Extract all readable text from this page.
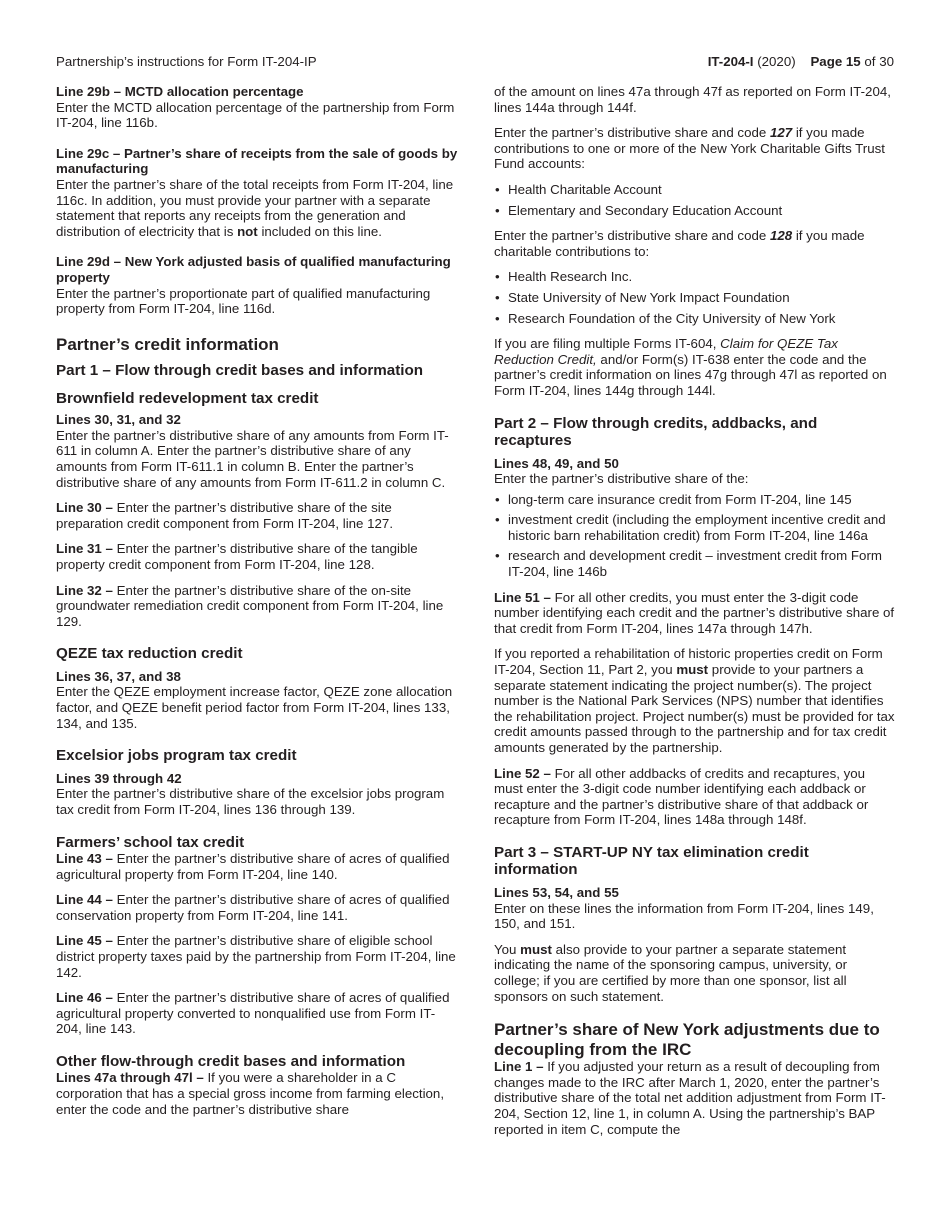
Partnership’s instructions for Form IT-204-IP	IT-204-I (2020) Page 15 of 30
Line 29b – MCTD allocation percentage

Enter the MCTD allocation percentage of the partnership from Form IT-204, line 116b.

Line 29c – Partner’s share of receipts from the sale of goods by manufacturing

Enter the partner’s share of the total receipts from Form IT-204, line 116c. In addition, you must provide your partner with a separate statement that reports any receipts from the generation and distribution of electricity that is not included on this line.

Line 29d – New York adjusted basis of qualified manufacturing property

Enter the partner’s proportionate part of qualified manufacturing property from Form IT-204, line 116d.

Partner’s credit information
Part 1 – Flow through credit bases and information
Brownfield redevelopment tax credit
Lines 30, 31, and 32

Enter the partner’s distributive share of any amounts from Form IT-611 in column A. Enter the partner’s distributive share of any amounts from Form IT-611.1 in column B. Enter the partner’s distributive share of any amounts from Form IT-611.2 in column C.

Line 30 – Enter the partner’s distributive share of the site preparation credit component from Form IT-204, line 127.

Line 31 – Enter the partner’s distributive share of the tangible property credit component from Form IT-204, line 128.

Line 32 – Enter the partner’s distributive share of the on-site groundwater remediation credit component from Form IT-204, line 129.

QEZE tax reduction credit
Lines 36, 37, and 38

Enter the QEZE employment increase factor, QEZE zone allocation factor, and QEZE benefit period factor from Form IT-204, lines 133, 134, and 135.

Excelsior jobs program tax credit
Lines 39 through 42

Enter the partner’s distributive share of the excelsior jobs program tax credit from Form IT-204, lines 136 through 139.

Farmers’ school tax credit

Line 43 – Enter the partner’s distributive share of acres of qualified agricultural property from Form IT-204, line 140.

Line 44 – Enter the partner’s distributive share of acres of qualified conservation property from Form IT-204, line 141.

Line 45 – Enter the partner’s distributive share of eligible school district property taxes paid by the partnership from Form IT-204, line 142.

Line 46 – Enter the partner’s distributive share of acres of qualified agricultural property converted to nonqualified use from Form IT-204, line 143.

Other flow-through credit bases and information

Lines 47a through 47l – If you were a shareholder in a C corporation that has a special gross income from farming election, enter the code and the partner’s distributive share

of the amount on lines 47a through 47f as reported on Form IT-204, lines 144a through 144f.

Enter the partner’s distributive share and code 127 if you made contributions to one or more of the New York Charitable Gifts Trust Fund accounts:

• Health Charitable Account
• Elementary and Secondary Education Account

Enter the partner’s distributive share and code 128 if you made charitable contributions to:

• Health Research Inc.
• State University of New York Impact Foundation
• Research Foundation of the City University of New York

If you are filing multiple Forms IT-604, Claim for QEZE Tax Reduction Credit, and/or Form(s) IT-638 enter the code and the partner’s credit information on lines 47g through 47l as reported on Form IT-204, lines 144g through 144l.

Part 2 – Flow through credits, addbacks, and recaptures
Lines 48, 49, and 50

Enter the partner’s distributive share of the:

• long-term care insurance credit from Form IT-204, line 145
• investment credit (including the employment incentive credit and historic barn rehabilitation credit) from Form IT-204, line 146a
• research and development credit – investment credit from Form IT-204, line 146b

Line 51 – For all other credits, you must enter the 3-digit code number identifying each credit and the partner’s distributive share of that credit from Form IT-204, lines 147a through 147h.

If you reported a rehabilitation of historic properties credit on Form IT-204, Section 11, Part 2, you must provide to your partners a separate statement indicating the project number(s). The project number is the National Park Services (NPS) number that identifies the rehabilitation project. Project number(s) must be provided for tax credit amounts passed through to the partnership and for tax credit amounts generated by the partnership.

Line 52 – For all other addbacks of credits and recaptures, you must enter the 3-digit code number identifying each addback or recapture and the partner’s distributive share of that addback or recapture from Form IT-204, lines 148a through 148f.

Part 3 – START-UP NY tax elimination credit information
Lines 53, 54, and 55

Enter on these lines the information from Form IT-204, lines 149, 150, and 151.

You must also provide to your partner a separate statement indicating the name of the sponsoring campus, university, or college; if you are certified by more than one sponsor, list all sponsors on such statement.

Partner’s share of New York adjustments due to decoupling from the IRC

Line 1 – If you adjusted your return as a result of decoupling from changes made to the IRC after March 1, 2020, enter the partner’s distributive share of the total net addition adjustment from Form IT-204, Section 12, line 1, in column A. Using the partnership’s BAP reported in item C, compute the
